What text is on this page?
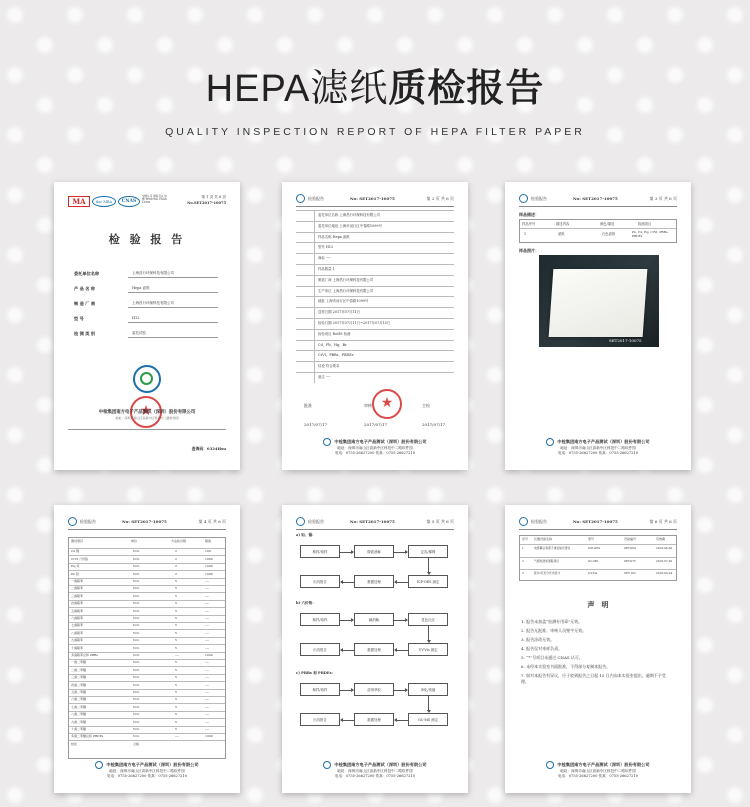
HEPA滤纸质检报告
QUALITY INSPECTION REPORT OF HEPA FILTER PAPER
MA	ilac·MRA	CNAS
中国认可 国际互认 检测 TESTING CNAS L1856
第 1 页 共 6 页
No.SET2017-10075
检 验 报 告
委托单位名称	上海昌行环保科技有限公司
产 品 名 称	Hepa 滤纸
制 造 厂 商	上海昌行环保科技有限公司
型 号	H12
检 测 类 别	委托试验
★
中检集团南方电子产品测试（深圳）股份有限公司
地址：深圳市南山区高新中区科技中二路软件园
查询码：0324Hsu
检验报告	No: SET2017-10075	第 2 页 共 6 页
委托单位名称 上海昌行环保科技有限公司
委托单位地址 上海市闵行区中春路1099号
样品名称 Hepa 滤纸
型号 H12
商标 ----
样品数量 1
制造厂商 上海昌行环保科技有限公司
生产单位 上海昌行环保科技有限公司
地址 上海市闵行区中春路1099号
送样日期 2017年07月11日
检验日期 2017年07月11日~2017年07月15日
检验项目 RoHS 检测
Cd、Pb、Hg、Br
CrVI、PBBs、PBDEs
结论 符合要求
备注 ----
批准	审核	主检
2017/07/17	2017/07/17	2017/07/17
★
中检集团南方电子产品测试（深圳）股份有限公司
地址：深圳市南山区高新中区科技中二路软件园
电话：0755-26627200 传真：0755-26627210
检验报告	No: SET2017-10075	第 3 页 共 6 页
样品描述：
样品序号	描述内容	颜色/描述	检测项目
1	滤纸	白色滤纸	Pb, Cd, Hg, CrVI, PBBs, PBDEs
样品照片：
SET2017-10075
中检集团南方电子产品测试（深圳）股份有限公司
地址：深圳市南山区高新中区科技中二路软件园
电话：0755-26627200 传真：0755-26627210
检验报告	No: SET2017-10075	第 4 页 共 6 页
测试项目	单位	方法检出限	限值
Cd 镉	N.D.	2	100
CrVI 六价铬	N.D.	2	1000
Hg 汞	N.D.	2	1000
Pb 铅	N.D.	2	1000
一溴联苯	N.D.	5	----
二溴联苯	N.D.	5	----
三溴联苯	N.D.	5	----
四溴联苯	N.D.	5	----
五溴联苯	N.D.	5	----
六溴联苯	N.D.	5	----
七溴联苯	N.D.	5	----
八溴联苯	N.D.	5	----
九溴联苯	N.D.	5	----
十溴联苯	N.D.	5	----
多溴联苯总和 PBBs	N.D.	----	1000
一溴二苯醚	N.D.	5	----
二溴二苯醚	N.D.	5	----
三溴二苯醚	N.D.	5	----
四溴二苯醚	N.D.	5	----
五溴二苯醚	N.D.	5	----
六溴二苯醚	N.D.	5	----
七溴二苯醚	N.D.	5	----
八溴二苯醚	N.D.	5	----
九溴二苯醚	N.D.	5	----
十溴二苯醚	N.D.	5	----
多溴二苯醚总和 PBDEs	N.D.	----	1000
结论	合格
中检集团南方电子产品测试（深圳）股份有限公司
地址：深圳市南山区高新中区科技中二路软件园
电话：0755-26627200 传真：0755-26627210
检验报告	No: SET2017-10075	第 5 页 共 6 页
a) 铅、镉：
称样/取样	微波消解	定容/稀释
ICP-OES 测定
数据处理
出具报告
b) 六价铬：
称样/取样	碱消解	显色反应
UV-Vis 测定
数据处理
出具报告
c) PBBs 和 PBDEs：
称样/取样	溶剂萃取	净化/浓缩
GC-MS 测定
数据处理
出具报告
中检集团南方电子产品测试（深圳）股份有限公司
地址：深圳市南山区高新中区科技中二路软件园
电话：0755-26627200 传真：0755-26627210
检验报告	No: SET2017-10075	第 6 页 共 6 页
序号 仪器设备名称	型号	设备编号	有效期
1	电感耦合等离子体发射光谱仪	ICP-OES	SET-064	2018-06-30
2	气相色谱质谱联用仪	GC-MS	SET-075	2018-07-20
3	紫外/可见分光光度计	UV-Vis	SET-102	2018-05-24
声　明
1. 报告未加盖“检测专用章”无效。
2. 报告无批准、审核人员签字无效。
3. 报告涂改无效。
4. 报告仅对来样负责。
5. “*”号项目未通过 CNAS 认可。
6. 未经本实验室书面批准，不得部分复制本报告。
7. 如对本报告有异议，应于收到报告之日起 15 日内向本实验室提出，逾期不予受理。
中检集团南方电子产品测试（深圳）股份有限公司
地址：深圳市南山区高新中区科技中二路软件园
电话：0755-26627200 传真：0755-26627210
